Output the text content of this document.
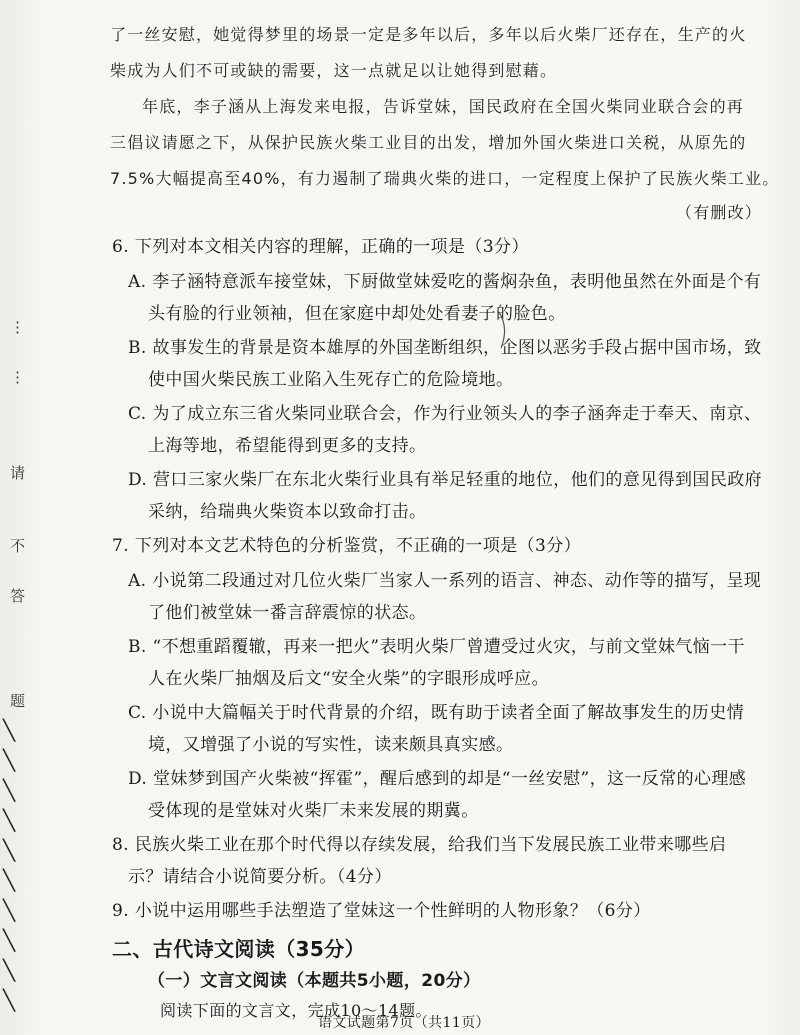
⋮
⋮
请
不
答
题
╲
╲
╲
╲
╲
╲
╲
╲
╲
╲
了一丝安慰，她觉得梦里的场景一定是多年以后，多年以后火柴厂还存在，生产的火
柴成为人们不可或缺的需要，这一点就足以让她得到慰藉。
年底，李子涵从上海发来电报，告诉堂妹，国民政府在全国火柴同业联合会的再
三倡议请愿之下，从保护民族火柴工业目的出发，增加外国火柴进口关税，从原先的
7.5%大幅提高至40%，有力遏制了瑞典火柴的进口，一定程度上保护了民族火柴工业。
（有删改）
6. 下列对本文相关内容的理解，正确的一项是（3分）
A. 李子涵特意派车接堂妹，下厨做堂妹爱吃的酱焖杂鱼，表明他虽然在外面是个有
头有脸的行业领袖，但在家庭中却处处看妻子的脸色。
B. 故事发生的背景是资本雄厚的外国垄断组织，企图以恶劣手段占据中国市场，致
使中国火柴民族工业陷入生死存亡的危险境地。
C. 为了成立东三省火柴同业联合会，作为行业领头人的李子涵奔走于奉天、南京、
上海等地，希望能得到更多的支持。
D. 营口三家火柴厂在东北火柴行业具有举足轻重的地位，他们的意见得到国民政府
采纳，给瑞典火柴资本以致命打击。
7. 下列对本文艺术特色的分析鉴赏，不正确的一项是（3分）
A. 小说第二段通过对几位火柴厂当家人一系列的语言、神态、动作等的描写，呈现
了他们被堂妹一番言辞震惊的状态。
B. “不想重蹈覆辙，再来一把火”表明火柴厂曾遭受过火灾，与前文堂妹气恼一干
人在火柴厂抽烟及后文“安全火柴”的字眼形成呼应。
C. 小说中大篇幅关于时代背景的介绍，既有助于读者全面了解故事发生的历史情
境，又增强了小说的写实性，读来颇具真实感。
D. 堂妹梦到国产火柴被“挥霍”，醒后感到的却是“一丝安慰”，这一反常的心理感
受体现的是堂妹对火柴厂未来发展的期冀。
8. 民族火柴工业在那个时代得以存续发展，给我们当下发展民族工业带来哪些启
示？请结合小说简要分析。（4分）
9. 小说中运用哪些手法塑造了堂妹这一个性鲜明的人物形象？（6分）
二、古代诗文阅读（35分）
（一）文言文阅读（本题共5小题，20分）
阅读下面的文言文，完成10～14题。
语文试题第7页（共11页）
